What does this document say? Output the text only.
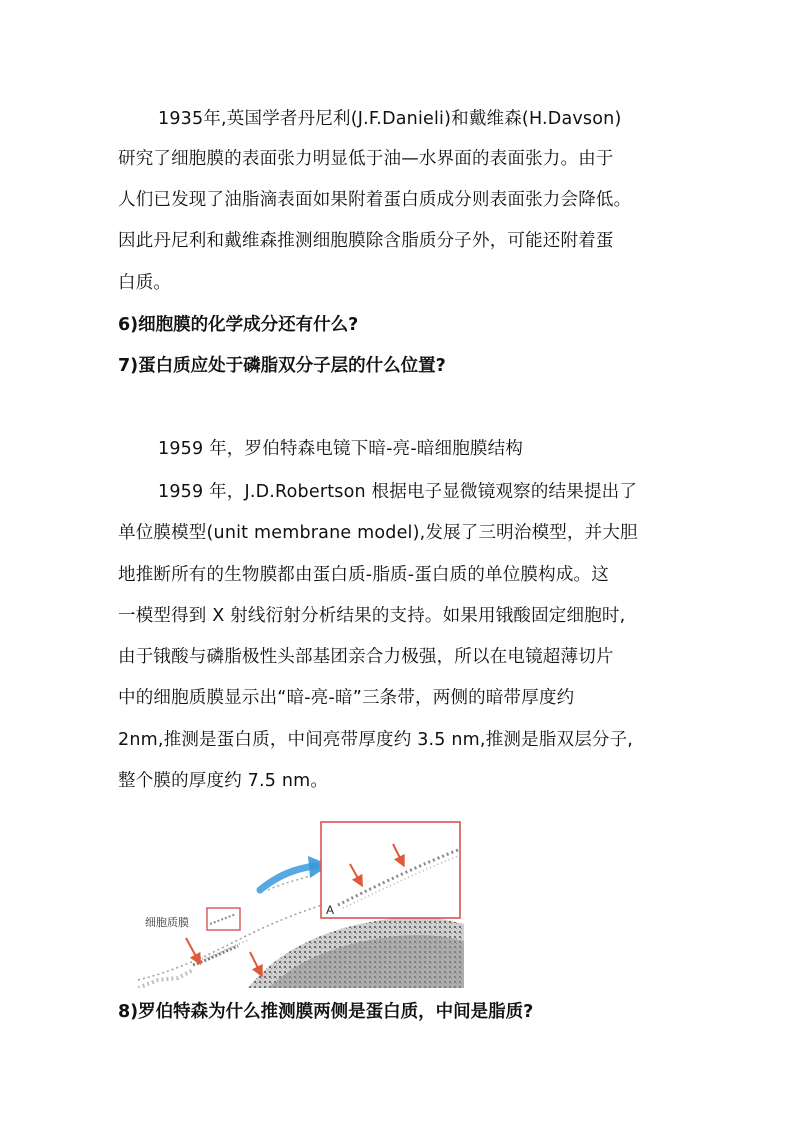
1935年,英国学者丹尼利(J.F.Danieli)和戴维森(H.Davson)
研究了细胞膜的表面张力明显低于油—水界面的表面张力。由于
人们已发现了油脂滴表面如果附着蛋白质成分则表面张力会降低。
因此丹尼利和戴维森推测细胞膜除含脂质分子外，可能还附着蛋
白质。
6)细胞膜的化学成分还有什么?
7)蛋白质应处于磷脂双分子层的什么位置?
1959 年，罗伯特森电镜下暗-亮-暗细胞膜结构
1959 年，J.D.Robertson 根据电子显微镜观察的结果提出了
单位膜模型(unit membrane model),发展了三明治模型，并大胆
地推断所有的生物膜都由蛋白质-脂质-蛋白质的单位膜构成。这
一模型得到 X 射线衍射分析结果的支持。如果用锇酸固定细胞时,
由于锇酸与磷脂极性头部基团亲合力极强，所以在电镜超薄切片
中的细胞质膜显示出“暗-亮-暗”三条带，两侧的暗带厚度约
2nm,推测是蛋白质，中间亮带厚度约 3.5 nm,推测是脂双层分子,
整个膜的厚度约 7.5 nm。
细胞质膜
A
8)罗伯特森为什么推测膜两侧是蛋白质，中间是脂质?
